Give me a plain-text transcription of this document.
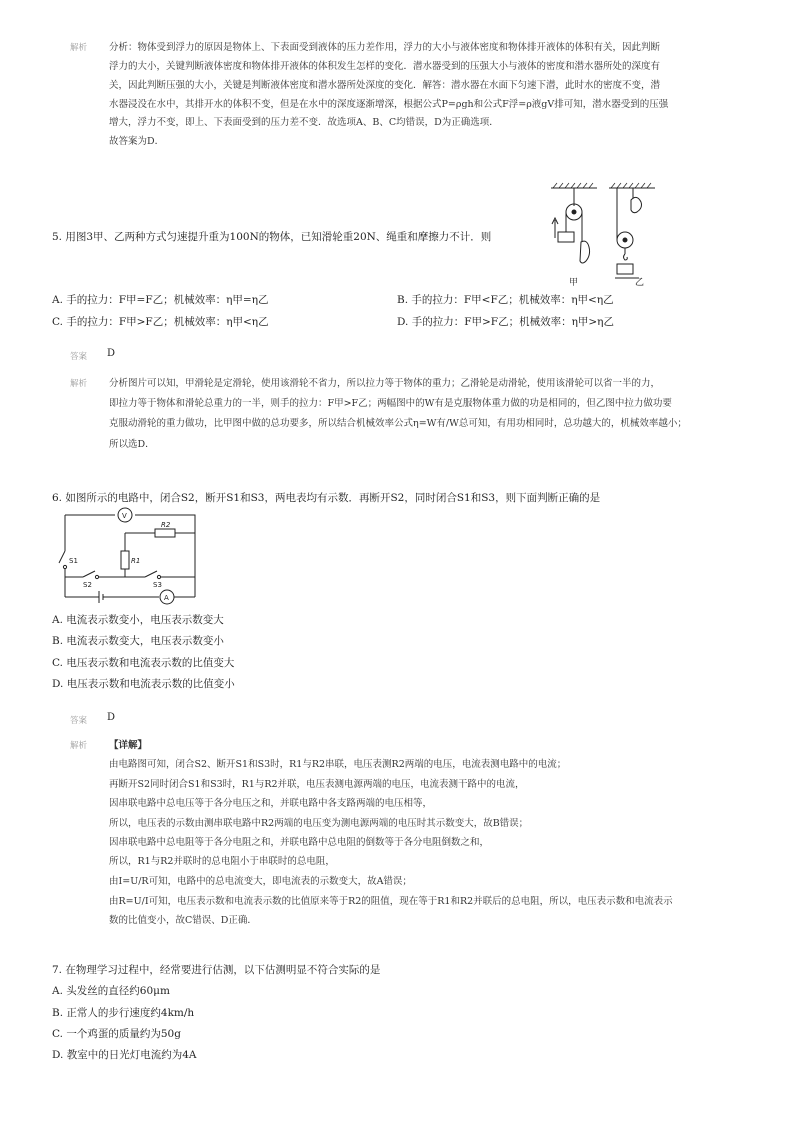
解析 分析：物体受到浮力的原因是物体上、下表面受到液体的压力差作用，浮力的大小与液体密度和物体排开液体的体积有关，因此判断
浮力的大小，关键判断液体密度和物体排开液体的体积发生怎样的变化．潜水器受到的压强大小与液体的密度和潜水器所处的深度有
关，因此判断压强的大小，关键是判断液体密度和潜水器所处深度的变化．解答：潜水器在水面下匀速下潜，此时水的密度不变，潜
水器浸没在水中，其排开水的体积不变，但是在水中的深度逐渐增深，根据公式P=ρgh和公式F浮=ρ液gV排可知，潜水器受到的压强
增大，浮力不变，即上、下表面受到的压力差不变．故选项A、B、C均错误，D为正确选项．
故答案为D．
5. 用图3甲、乙两种方式匀速提升重为100N的物体，已知滑轮重20N、绳重和摩擦力不计．则
甲	乙
A. 手的拉力：F甲=F乙；机械效率：η甲=η乙	B. 手的拉力：F甲<F乙；机械效率：η甲<η乙
C. 手的拉力：F甲>F乙；机械效率：η甲<η乙	D. 手的拉力：F甲>F乙；机械效率：η甲>η乙
答案 D
解析 分析图片可以知，甲滑轮是定滑轮，使用该滑轮不省力，所以拉力等于物体的重力；乙滑轮是动滑轮，使用该滑轮可以省一半的力，
即拉力等于物体和滑轮总重力的一半，则手的拉力：F甲>F乙；两幅图中的W有是克服物体重力做的功是相同的，但乙图中拉力做功要
克服动滑轮的重力做功，比甲图中做的总功要多，所以结合机械效率公式η=W有/W总可知，有用功相同时，总功越大的，机械效率越小；
所以选D．
6. 如图所示的电路中，闭合S2，断开S1和S3，两电表均有示数．再断开S2，同时闭合S1和S3，则下面判断正确的是
V
A
R2
R1
S1
S2	S3
A. 电流表示数变小，电压表示数变大
B. 电流表示数变大，电压表示数变小
C. 电压表示数和电流表示数的比值变大
D. 电压表示数和电流表示数的比值变小
答案 D
解析 【详解】
由电路图可知，闭合S2、断开S1和S3时，R1与R2串联，电压表测R2两端的电压，电流表测电路中的电流；
再断开S2同时闭合S1和S3时，R1与R2并联，电压表测电源两端的电压，电流表测干路中的电流，
因串联电路中总电压等于各分电压之和，并联电路中各支路两端的电压相等，
所以，电压表的示数由测串联电路中R2两端的电压变为测电源两端的电压时其示数变大，故B错误；
因串联电路中总电阻等于各分电阻之和，并联电路中总电阻的倒数等于各分电阻倒数之和，
所以，R1与R2并联时的总电阻小于串联时的总电阻，
由I=U/R可知，电路中的总电流变大，即电流表的示数变大，故A错误；
由R=U/I可知，电压表示数和电流表示数的比值原来等于R2的阻值，现在等于R1和R2并联后的总电阻，所以，电压表示数和电流表示
数的比值变小，故C错误、D正确．
7. 在物理学习过程中，经常要进行估测，以下估测明显不符合实际的是
A. 头发丝的直径约60μm
B. 正常人的步行速度约4km/h
C. 一个鸡蛋的质量约为50g
D. 教室中的日光灯电流约为4A
